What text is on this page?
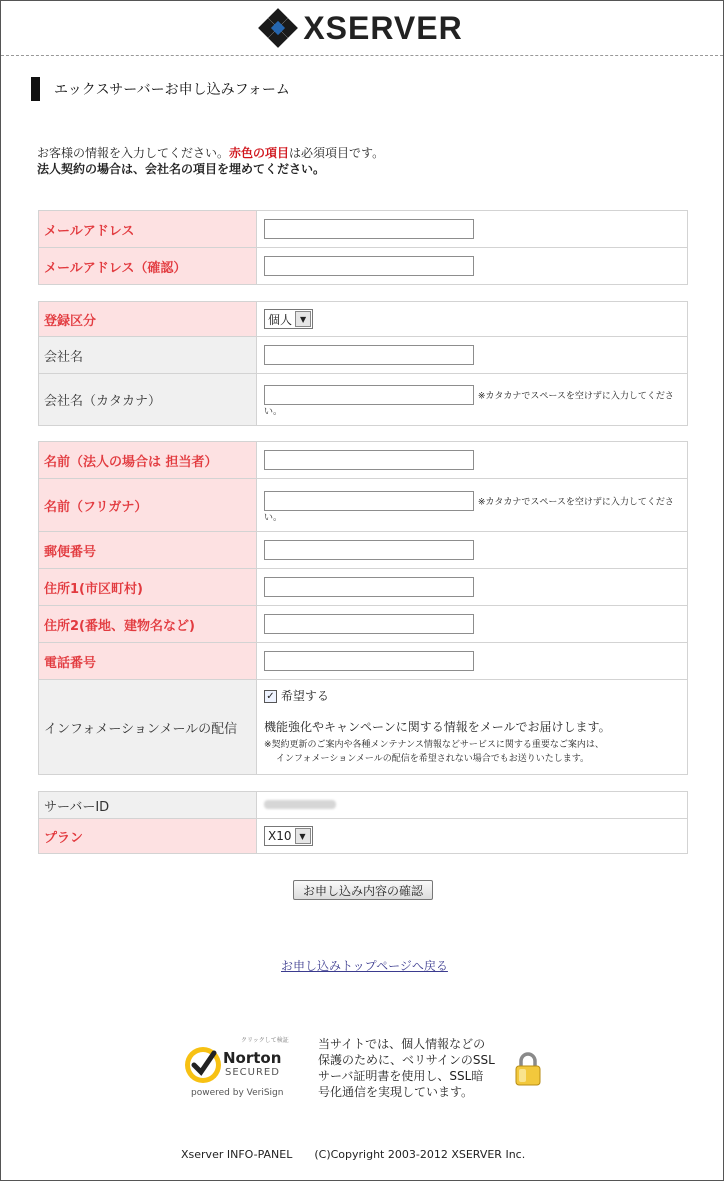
XSERVER
エックスサーバーお申し込みフォーム
お客様の情報を入力してください。赤色の項目は必須項目です。
法人契約の場合は、会社名の項目を埋めてください。
メールアドレス	
メールアドレス（確認）	
登録区分	個人 ▼

会社名	
会社名（カタカナ）	※カタカナでスペースを空けずに入力してくださ
い。
名前（法人の場合は 担当者）	
名前（フリガナ）	※カタカナでスペースを空けずに入力してくださ
い。

郵便番号	
住所1(市区町村)	
住所2(番地、建物名など)	
電話番号	
インフォメーションメールの配信	✓ 希望する
機能強化やキャンペーンに関する情報をメールでお届けします。
※契約更新のご案内や各種メンテナンス情報などサービスに関する重要なご案内は、
インフォメーションメールの配信を希望されない場合でもお送りいたします。
サーバーID	
プラン	X10 ▼
お申し込み内容の確認
お申し込みトップページへ戻る
クリックして検証
Norton
SECURED
powered by VeriSign
当サイトでは、個人情報などの
保護のために、ベリサインのSSL
サーバ証明書を使用し、SSL暗
号化通信を実現しています。
Xserver INFO-PANEL (C)Copyright 2003-2012 XSERVER Inc.
